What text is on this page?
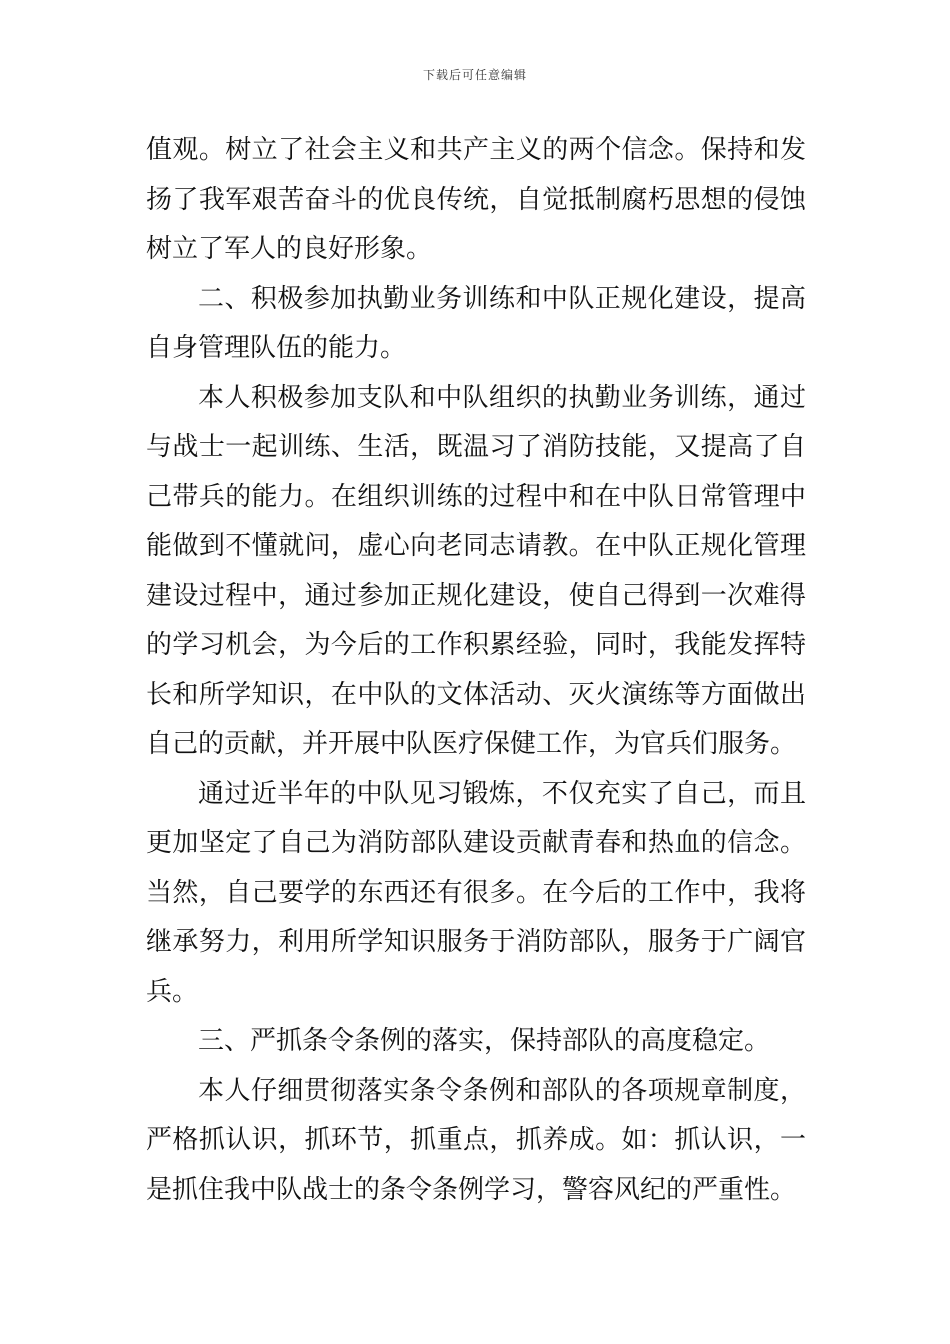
下载后可任意编辑

值观。树立了社会主义和共产主义的两个信念。保持和发扬了我军艰苦奋斗的优良传统，自觉抵制腐朽思想的侵蚀树立了军人的良好形象。

二、积极参加执勤业务训练和中队正规化建设，提高自身管理队伍的能力。

本人积极参加支队和中队组织的执勤业务训练，通过与战士一起训练、生活，既温习了消防技能，又提高了自己带兵的能力。在组织训练的过程中和在中队日常管理中能做到不懂就问，虚心向老同志请教。在中队正规化管理建设过程中，通过参加正规化建设，使自己得到一次难得的学习机会，为今后的工作积累经验，同时，我能发挥特长和所学知识，在中队的文体活动、灭火演练等方面做出自己的贡献，并开展中队医疗保健工作，为官兵们服务。

通过近半年的中队见习锻炼，不仅充实了自己，而且更加坚定了自己为消防部队建设贡献青春和热血的信念。当然，自己要学的东西还有很多。在今后的工作中，我将继承努力，利用所学知识服务于消防部队，服务于广阔官兵。

三、严抓条令条例的落实，保持部队的高度稳定。

本人仔细贯彻落实条令条例和部队的各项规章制度，严格抓认识，抓环节，抓重点，抓养成。如：抓认识，一是抓住我中队战士的条令条例学习，警容风纪的严重性。
